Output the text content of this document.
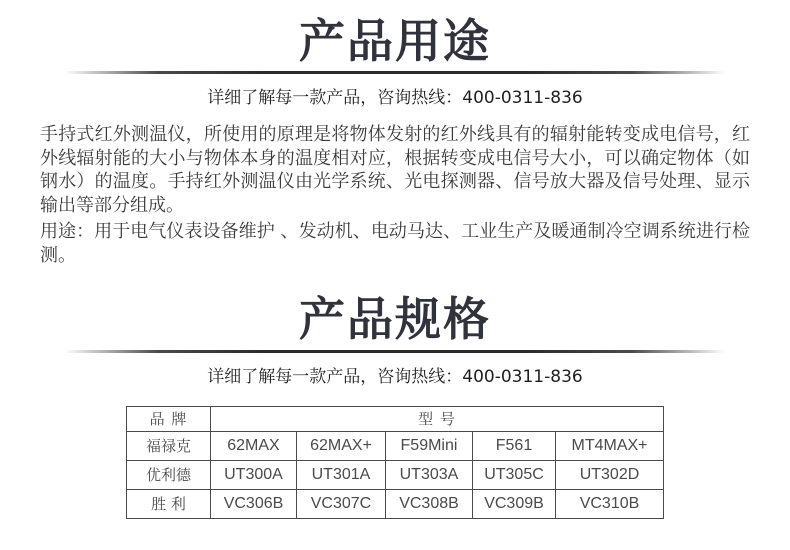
产品用途
详细了解每一款产品，咨询热线：400-0311-836

手持式红外测温仪，所使用的原理是将物体发射的红外线具有的辐射能转变成电信号，红外线辐射能的大小与物体本身的温度相对应，根据转变成电信号大小，可以确定物体（如钢水）的温度。手持红外测温仪由光学系统、光电探测器、信号放大器及信号处理、显示输出等部分组成。

用途：用于电气仪表设备维护 、发动机、电动马达、工业生产及暖通制冷空调系统进行检测。

产品规格
详细了解每一款产品，咨询热线：400-0311-836
品 牌	型 号				
福禄克	62MAX	62MAX+	F59Mini	F561	MT4MAX+
优利德	UT300A	UT301A	UT303A	UT305C	UT302D
胜 利	VC306B	VC307C	VC308B	VC309B	VC310B
